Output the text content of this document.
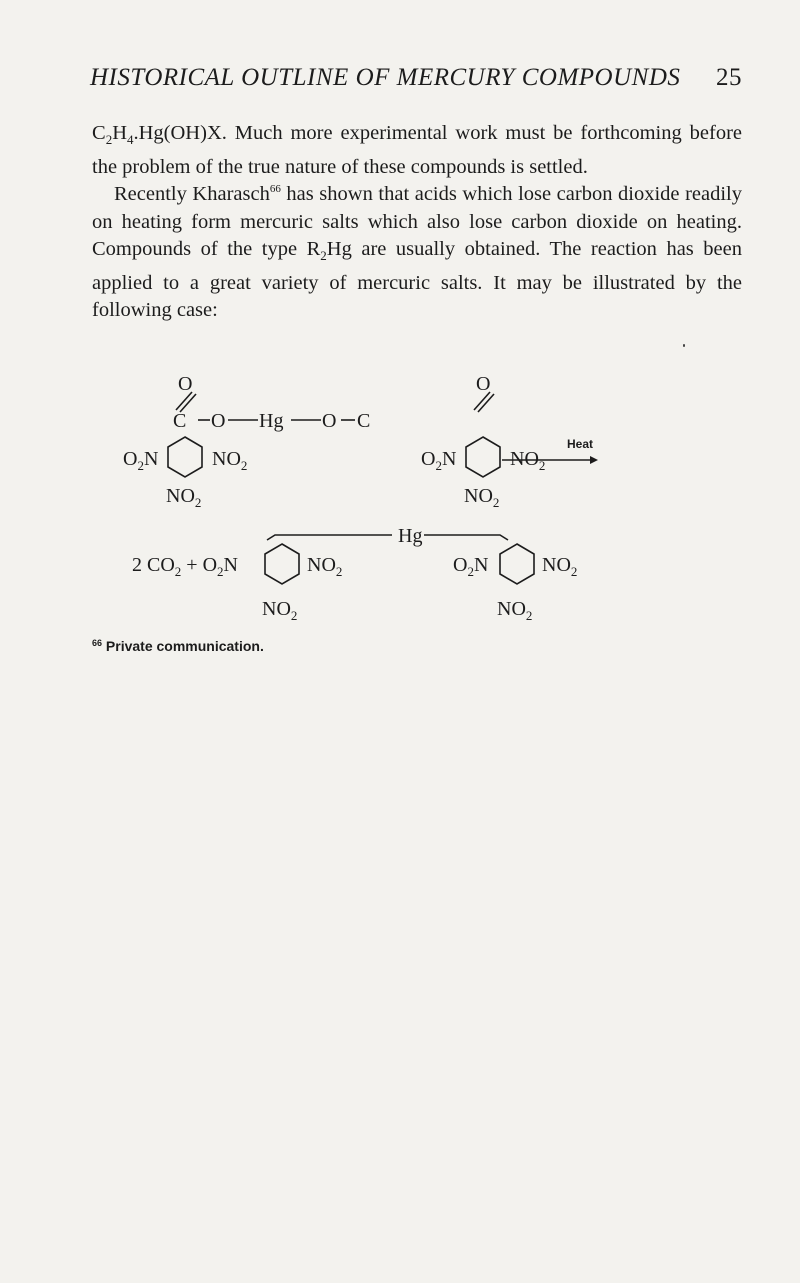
HISTORICAL OUTLINE OF MERCURY COMPOUNDS 25

$C_2H_4.Hg(OH)X$. Much more experimental work must be forthcoming before the problem of the true nature of these compounds is settled.

Recently Kharasch$^{66}$ has shown that acids which lose carbon dioxide readily on heating form mercuric salts which also lose carbon dioxide on heating. Compounds of the type $R_2Hg$ are usually obtained. The reaction has been applied to a great variety of mercuric salts. It may be illustrated by the following case:

O
C O Hg
$O_2N$	$NO_2$
$NO_2$
O
O C
$O_2N$	$NO_2$
$NO_2$
Heat
Hg
2 $CO_2 + O_2N$	$NO_2$
$NO_2$
$O_2N$	$NO_2$
$NO_2$
$^{66}$ Private communication.
